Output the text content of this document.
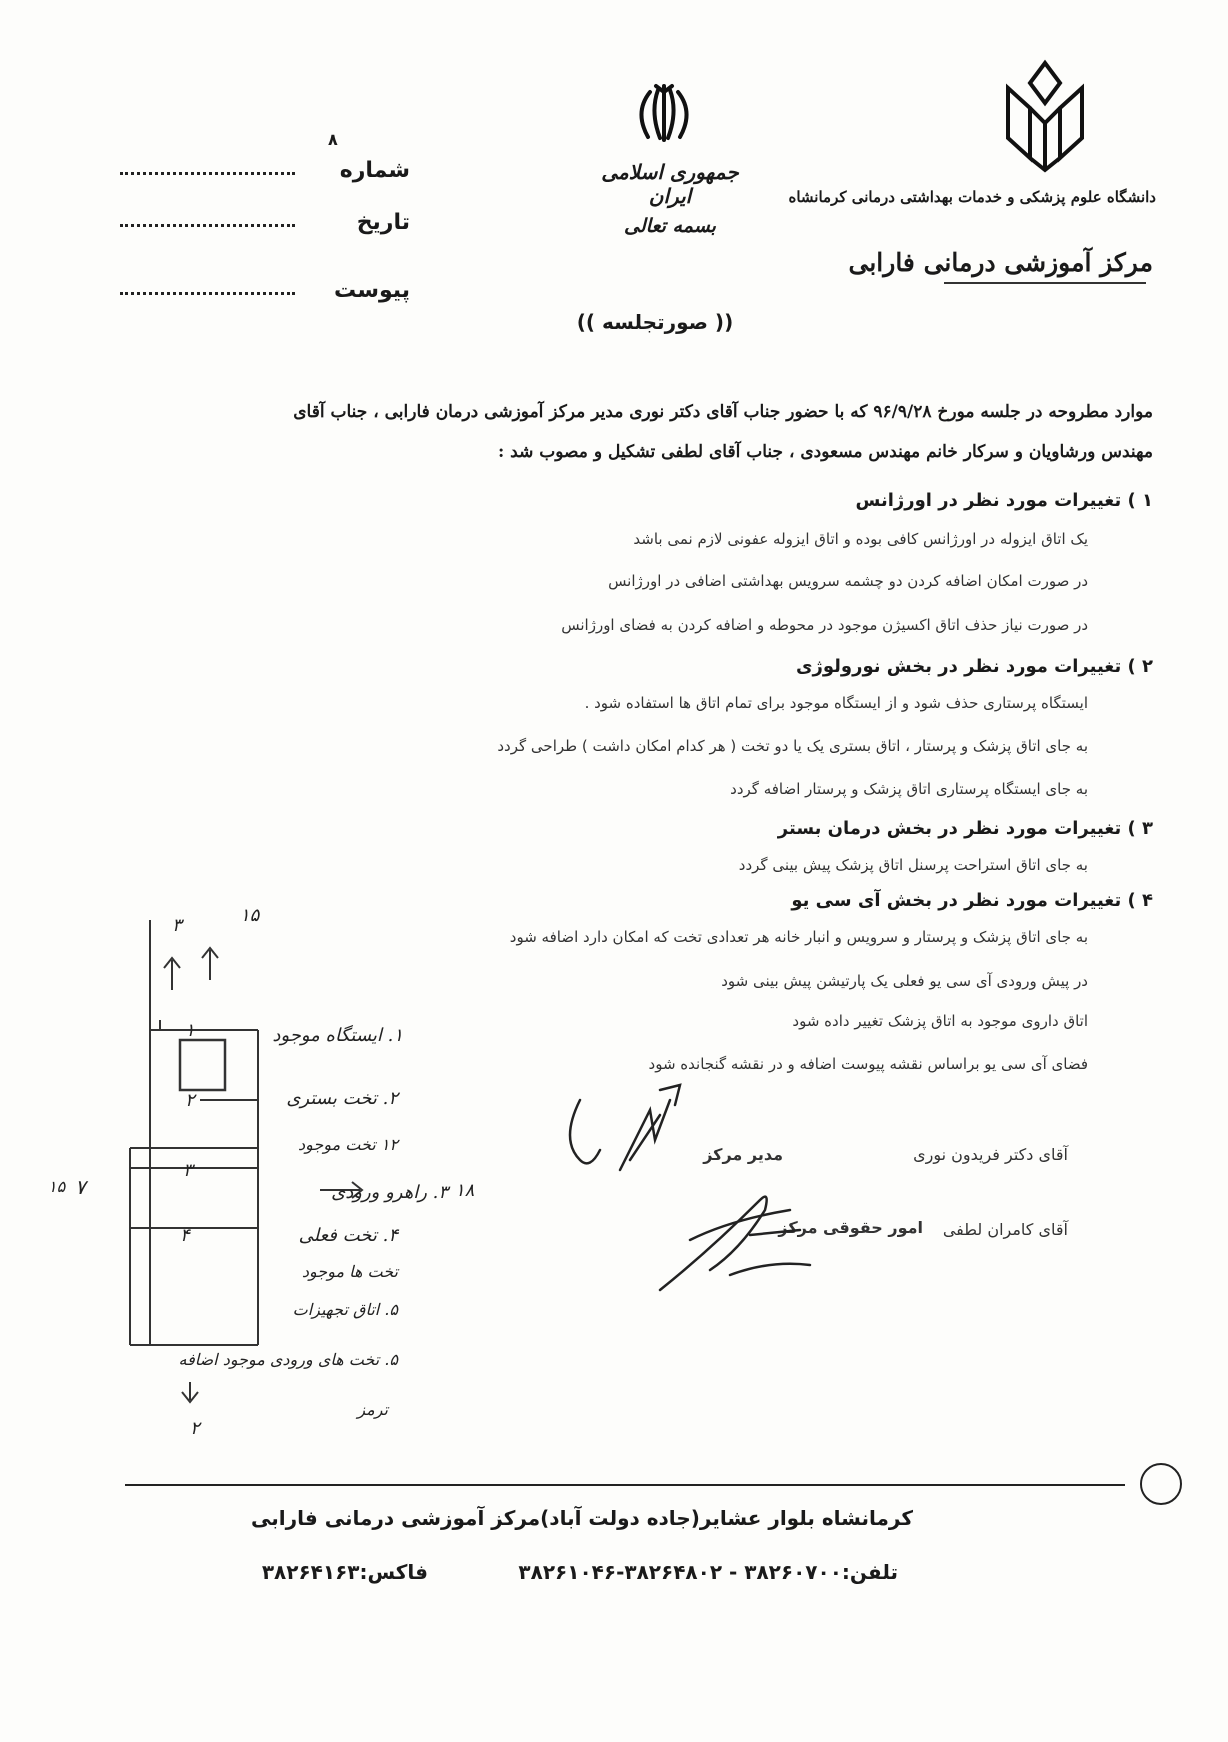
دانشگاه علوم پزشکی و خدمات بهداشتی درمانی کرمانشاه
مرکز آموزشی درمانی فارابی
جمهوری اسلامی ایران
بسمه تعالی
(( صورتجلسه ))
۸
شماره
تاریخ
پیوست
موارد مطروحه در جلسه مورخ ۹۶/۹/۲۸ که با حضور جناب آقای دکتر نوری مدیر مرکز آموزشی درمان فارابی ، جناب آقای
مهندس ورشاویان و سرکار خانم مهندس مسعودی ، جناب آقای لطفی تشکیل و مصوب شد :
۱ ) تغییرات مورد نظر در اورژانس
یک اتاق ایزوله در اورژانس کافی بوده و اتاق ایزوله عفونی لازم نمی باشد
در صورت امکان اضافه کردن دو چشمه سرویس بهداشتی اضافی در اورژانس
در صورت نیاز حذف اتاق اکسیژن موجود در محوطه و اضافه کردن به فضای اورژانس
۲ ) تغییرات مورد نظر در بخش نورولوژی
ایستگاه پرستاری حذف شود و از ایستگاه موجود برای تمام اتاق ها استفاده شود .
به جای اتاق پزشک و پرستار ، اتاق بستری یک یا دو تخت ( هر کدام امکان داشت ) طراحی گردد
به جای ایستگاه پرستاری اتاق پزشک و پرستار اضافه گردد
۳ ) تغییرات مورد نظر در بخش درمان بستر
به جای اتاق استراحت پرسنل اتاق پزشک پیش بینی گردد
۴ ) تغییرات مورد نظر در بخش آی سی یو
به جای اتاق پزشک و پرستار و سرویس و انبار خانه هر تعدادی تخت که امکان دارد اضافه شود
در پیش ورودی آی سی یو فعلی یک پارتیشن پیش بینی شود
اتاق داروی موجود به اتاق پزشک تغییر داده شود
فضای آی سی یو براساس نقشه پیوست اضافه و در نقشه گنجانده شود
آقای دکتر فریدون نوری
مدیر مرکز
آقای کامران لطفی
امور حقوقی مرکز
۱
۲
۳
۴
۳	۱۵
۱۸
۷
۱۵
۲
۱. ایستگاه موجود
۲. تخت بستری
۱۲ تخت موجود
۳. راهرو ورودی
۴. تخت فعلی
تخت ها موجود
۵. اتاق تجهیزات
۵. تخت های ورودی موجود اضافه
ترمز
کرمانشاه بلوار عشایر(جاده دولت آباد)مرکز آموزشی درمانی فارابی
تلفن:۳۸۲۶۰۷۰۰ - ۳۸۲۶۴۸۰۲-۳۸۲۶۱۰۴۶
فاکس:۳۸۲۶۴۱۶۳
